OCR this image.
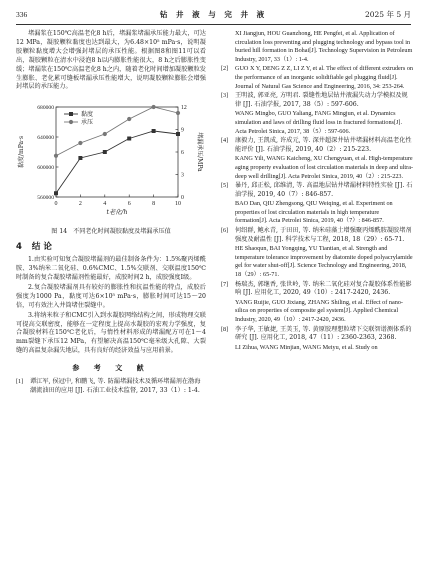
336	钻 井 液 与 完 井 液	2025 年 5 月

堵漏浆在150℃高温老化8 h后，堵漏浆堵漏承压能力最大，可达12 MPa，凝胶颗粒黏度也达到最大，为6.48×10⁵ mPa·s，说明凝胶颗粒黏度增大会增强封堵层的承压性能。根据图8和图11可以看出，凝胶颗粒在清水中浸泡8 h以内膨胀性能很大，8 h之后膨胀性变缓；堵漏浆在150℃高温老化8 h之内，随着老化时间增加凝胶颗粒发生膨胀、老化累可缝板堵漏承压性能增大，说明凝胶颗粒膨胀会增强封堵层的承压能力。

0	2	4	6	8	10
t老化/h
560000
600000
640000
680000
黏度/mPa·s
0
3
6
9
12
堵漏承压/MPa
黏度
承压
图 14　不同老化时间凝胶黏度及堵漏承压值
4 结 论

1.由实验可知复合凝胶堵漏剂的最佳制备条件为：1.5%聚丙烯酰胺、3%纳米二氧化硅、0.6%CMC、1.5%交联剂、交联温度150℃时制备的复合凝胶堵漏剂性能最好，成胶时间2 h，成胶强度I级。

2.复合凝胶堵漏剂具有较好的膨胀性和抗温性能的特点，成胶后强度为1000 Pa，黏度可达6×10⁵ mPa·s，膨胀时间可达15～20倍，可有效注入井筒堵住裂缝中。

3.将纳米粒子和CMC引入到水凝胶网络结构之间，形成物理交联可提高交联密度，能够在一定程度上提高水凝胶的宏观力学强度，复合凝胶材料在150℃老化后，与惰性材料形成的堵漏配方可在1～4 mm裂缝下承压12 MPa，有望解决高温150℃毫米级大孔隙、大裂缝的高温复杂漏失地层，具有良好的经济效益与应用前景。

参 考 文 献
[1] 谭江军, 侯冠中, 和鹏飞, 等. 防漏堵漏技术及循环堵漏剂在渤海潮流油田的应用 [J]. 石油工业技术监督, 2017, 33（1）: 1-4.
XI Jiangjun, HOU Guanzhong, HE Pengfei, et al. Application of circulation loss preventing and plugging technology and bypass tool in buried hill formation in Bohai[J]. Technology Supervision in Petroleum Industry, 2017, 33（1）: 1-4.
[2] GUO X Y, DENG Z Z, LI Z Y, et al. The effect of different extruders on the performance of an inorganic solidifiable gel plugging fluid[J]. Journal of Natural Gas Science and Engineering, 2016, 34: 253-264.
[3] 王明波, 郭亚亮, 方明君. 裂缝性地层钻井液漏失动力学模拟及规律 [J]. 石油学报, 2017, 38（5）: 597-606.
WANG Mingbo, GUO Yaliang, FANG Mingjun, et al. Dynamics simulation and laws of drilling fluid loss in fractured formations[J]. Acta Petrolei Sinica, 2017, 38（5）: 597-606.
[4] 康毅力, 王凯成, 许成元, 等. 深井超深井钻井堵漏材料高温老化性能评价 [J]. 石油学报, 2019, 40（2）: 215-223.
KANG Yili, WANG Kaicheng, XU Chengyuan, et al. High-temperature aging property evaluation of lost circulation materials in deep and ultra-deep well drilling[J]. Acta Petrolei Sinica, 2019, 40（2）: 215-223.
[5] 暴丹, 邱正松, 邱维清, 等. 高温地层钻井堵漏材料特性实验 [J]. 石油学报, 2019, 40（7）: 846-857.
BAO Dan, QIU Zhengsong, QIU Weiqing, et al. Experiment on properties of lost circulation materials in high temperature formation[J]. Acta Petrolei Sinica, 2019, 40（7）: 846-857.
[6] 何绍群, 鲍永青, 于田田, 等. 纳米硅藻土增强聚丙烯酰胺凝胶堵剂强度及耐温性 [J]. 科学技术与工程, 2018, 18（29）: 65-71.
HE Shaoqun, BAI Yongqing, YU Tiantian, et al. Strength and temperature tolerance improvement by diatomite doped polyacrylamide gel for water shut-off[J]. Science Technology and Engineering, 2018, 18（29）: 65-71.
[7] 杨瑞杰, 郭继香, 张世岭, 等. 纳米二氧化硅对复合凝胶体系性能影响 [J]. 应用化工, 2020, 49（10）: 2417-2420, 2436.
YANG Ruijie, GUO Jixiang, ZHANG Shiling, et al. Effect of nano-silica on properties of composite gel system[J]. Applied Chemical Industry, 2020, 49（10）: 2417-2420, 2436.
[8] 李子华, 王敏捷, 王美玉, 等. 黄原胶理想粒堵下交联智谱测体系的研究 [J]. 应用化工, 2018, 47（11）: 2360-2363, 2368.
LI Zihua, WANG Minjian, WANG Meiyu, et al. Study on
